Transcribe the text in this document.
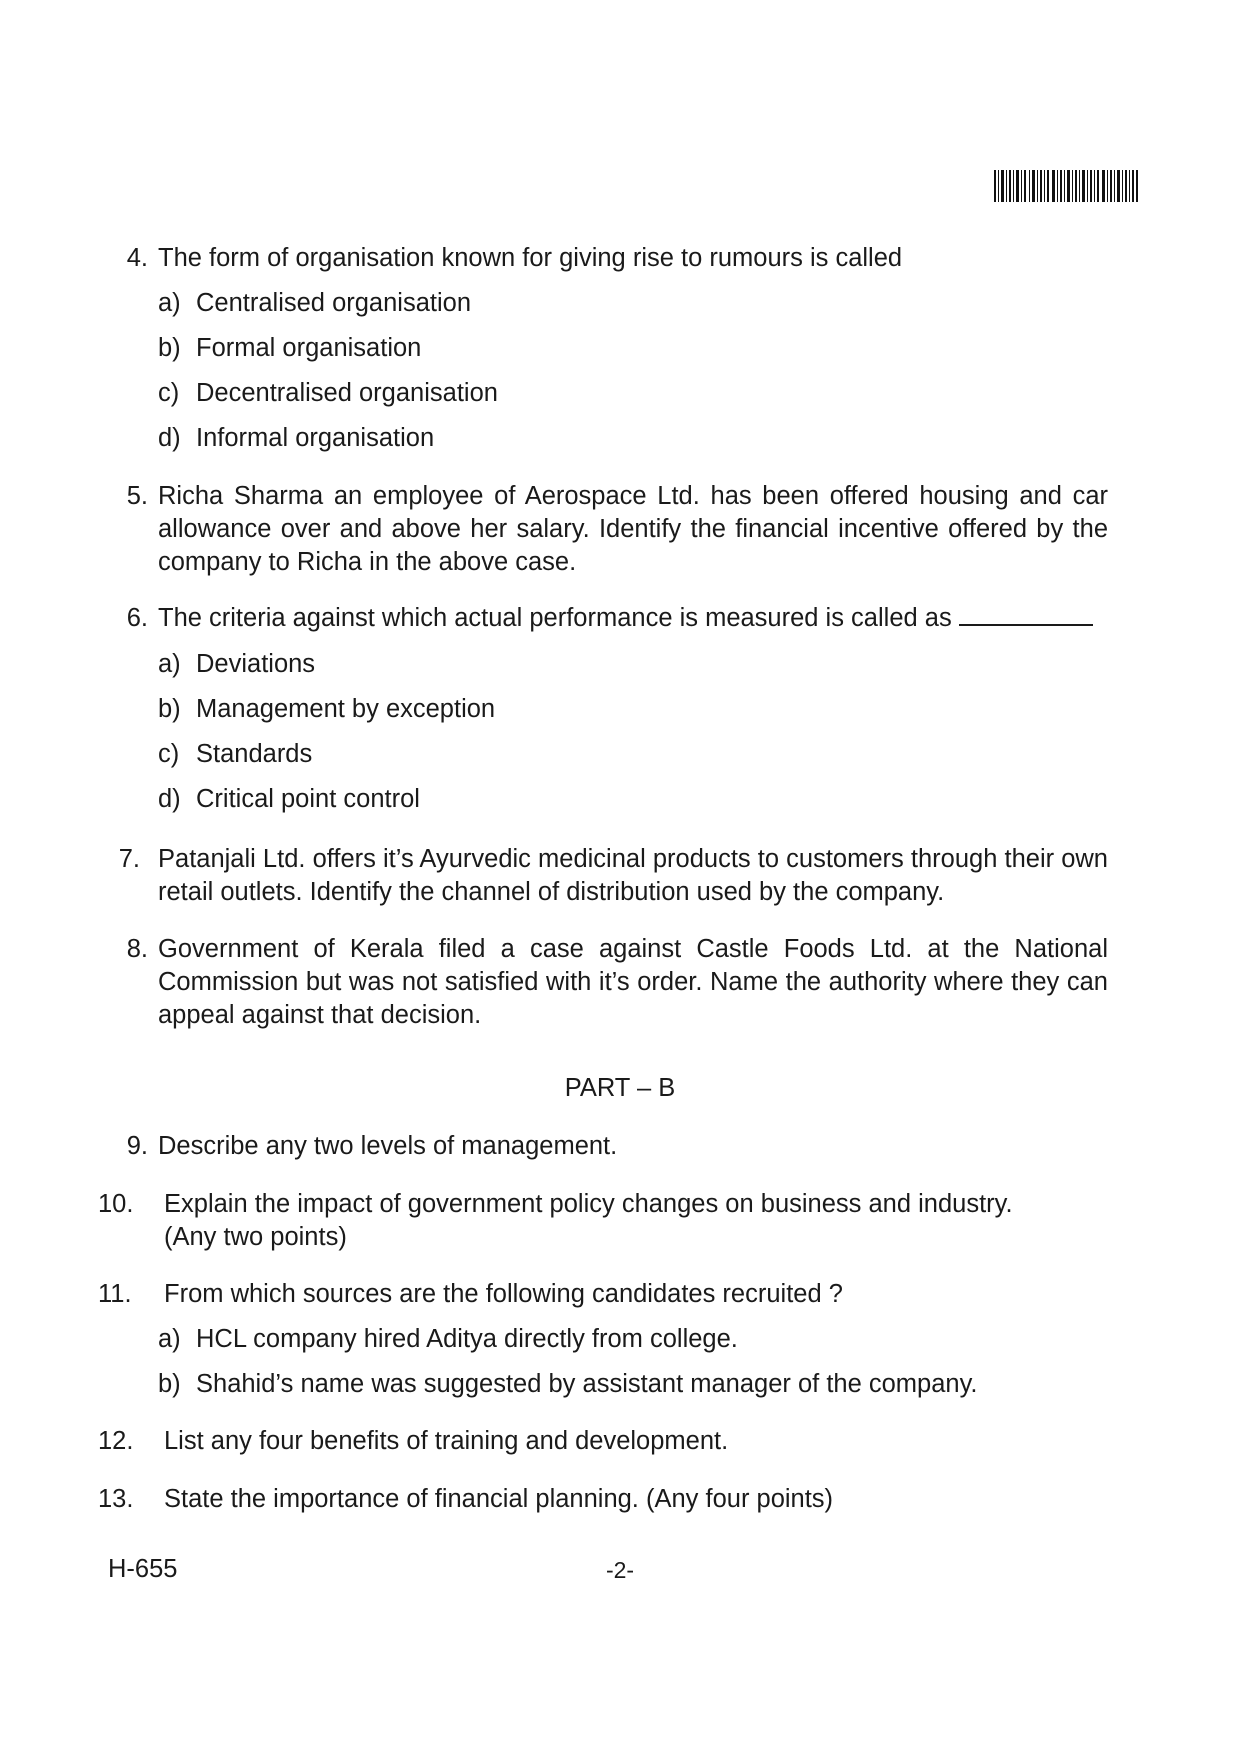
4. The form of organisation known for giving rise to rumours is called
a) Centralised organisation
b) Formal organisation
c) Decentralised organisation
d) Informal organisation
5. Richa Sharma an employee of Aerospace Ltd. has been offered housing and car allowance over and above her salary. Identify the financial incentive offered by the company to Richa in the above case.
6. The criteria against which actual performance is measured is called as
a) Deviations
b) Management by exception
c) Standards
d) Critical point control
7. Patanjali Ltd. offers it’s Ayurvedic medicinal products to customers through their own retail outlets. Identify the channel of distribution used by the company.
8. Government of Kerala filed a case against Castle Foods Ltd. at the National Commission but was not satisfied with it’s order. Name the authority where they can appeal against that decision.
PART – B
9. Describe any two levels of management.
10.	Explain the impact of government policy changes on business and industry. (Any two points)
11.	From which sources are the following candidates recruited ?
a) HCL company hired Aditya directly from college.
b) Shahid’s name was suggested by assistant manager of the company.
12.	List any four benefits of training and development.
13.	State the importance of financial planning. (Any four points)
H-655	-2-
